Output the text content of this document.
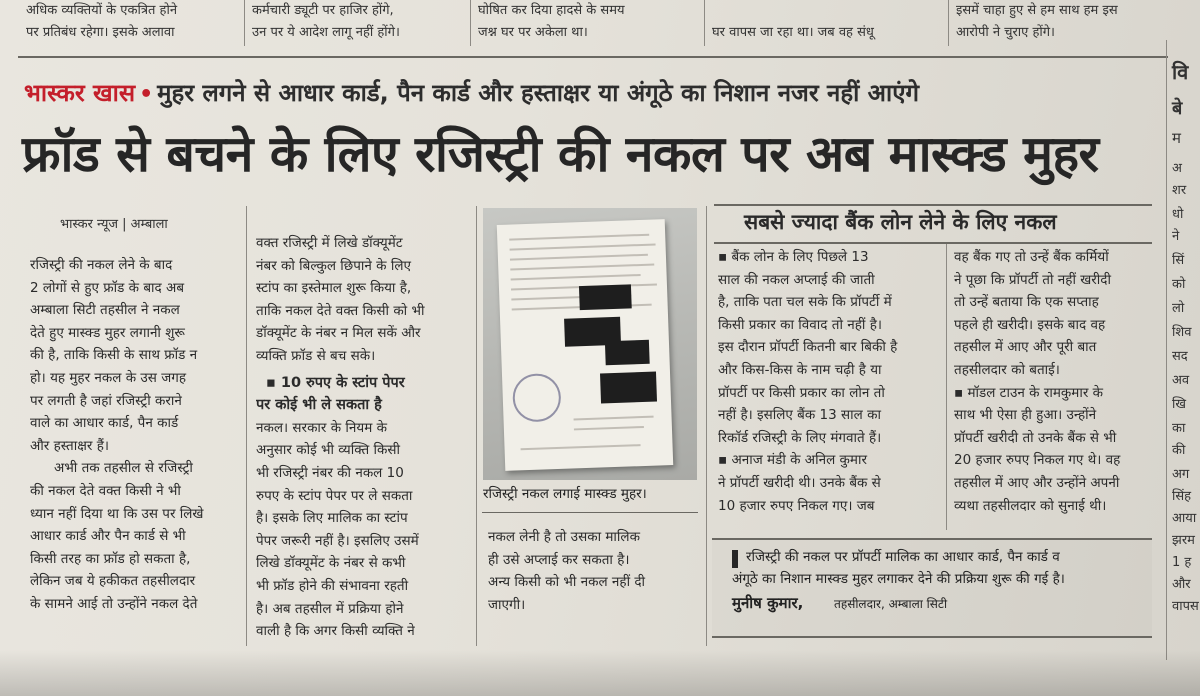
अधिक व्यक्तियों के एकत्रित होने
पर प्रतिबंध रहेगा। इसके अलावा
कर्मचारी ड्यूटी पर हाजिर होंगे,
उन पर ये आदेश लागू नहीं होंगे।
घोषित कर दिया हादसे के समय
जश्न घर पर अकेला था।	घर वापस जा रहा था। जब वह संधू
इसमें चाहा हुए से हम साथ हम इस
आरोपी ने चुराए होंगे।
भास्कर खास • मुहर लगने से आधार कार्ड, पैन कार्ड और हस्ताक्षर या अंगूठे का निशान नजर नहीं आएंगे
फ्रॉड से बचने के लिए रजिस्ट्री की नकल पर अब मास्क्ड मुहर
भास्कर न्यूज | अम्बाला
रजिस्ट्री की नकल लेने के बाद
2 लोगों से हुए फ्रॉड के बाद अब
अम्बाला सिटी तहसील ने नकल
देते हुए मास्क्ड मुहर लगानी शुरू
की है, ताकि किसी के साथ फ्रॉड न
हो। यह मुहर नकल के उस जगह
पर लगती है जहां रजिस्ट्री कराने
वाले का आधार कार्ड, पैन कार्ड
और हस्ताक्षर हैं।
अभी तक तहसील से रजिस्ट्री
की नकल देते वक्त किसी ने भी
ध्यान नहीं दिया था कि उस पर लिखे
आधार कार्ड और पैन कार्ड से भी
किसी तरह का फ्रॉड हो सकता है,
लेकिन जब ये हकीकत तहसीलदार
के सामने आई तो उन्होंने नकल देते
वक्त रजिस्ट्री में लिखे डॉक्यूमेंट
नंबर को बिल्कुल छिपाने के लिए
स्टांप का इस्तेमाल शुरू किया है,
ताकि नकल देते वक्त किसी को भी
डॉक्यूमेंट के नंबर न मिल सकें और
व्यक्ति फ्रॉड से बच सके।
▪ 10 रुपए के स्टांप पेपर
पर कोई भी ले सकता है
नकल। सरकार के नियम के
अनुसार कोई भी व्यक्ति किसी
भी रजिस्ट्री नंबर की नकल 10
रुपए के स्टांप पेपर पर ले सकता
है। इसके लिए मालिक का स्टांप
पेपर जरूरी नहीं है। इसलिए उसमें
लिखे डॉक्यूमेंट के नंबर से कभी
भी फ्रॉड होने की संभावना रहती
है। अब तहसील में प्रक्रिया होने
वाली है कि अगर किसी व्यक्ति ने
रजिस्ट्री नकल लगाई मास्क्ड मुहर।
नकल लेनी है तो उसका मालिक
ही उसे अप्लाई कर सकता है।
अन्य किसी को भी नकल नहीं दी
जाएगी।
सबसे ज्यादा बैंक लोन लेने के लिए नकल
▪ बैंक लोन के लिए पिछले 13
साल की नकल अप्लाई की जाती
है, ताकि पता चल सके कि प्रॉपर्टी में
किसी प्रकार का विवाद तो नहीं है।
इस दौरान प्रॉपर्टी कितनी बार बिकी है
और किस-किस के नाम चढ़ी है या
प्रॉपर्टी पर किसी प्रकार का लोन तो
नहीं है। इसलिए बैंक 13 साल का
रिकॉर्ड रजिस्ट्री के लिए मंगवाते हैं।
▪ अनाज मंडी के अनिल कुमार
ने प्रॉपर्टी खरीदी थी। उनके बैंक से
10 हजार रुपए निकल गए। जब
वह बैंक गए तो उन्हें बैंक कर्मियों
ने पूछा कि प्रॉपर्टी तो नहीं खरीदी
तो उन्हें बताया कि एक सप्ताह
पहले ही खरीदी। इसके बाद वह
तहसील में आए और पूरी बात
तहसीलदार को बताई।
▪ मॉडल टाउन के रामकुमार के
साथ भी ऐसा ही हुआ। उन्होंने
प्रॉपर्टी खरीदी तो उनके बैंक से भी
20 हजार रुपए निकल गए थे। वह
तहसील में आए और उन्होंने अपनी
व्यथा तहसीलदार को सुनाई थी।
रजिस्ट्री की नकल पर प्रॉपर्टी मालिक का आधार कार्ड, पैन कार्ड व
अंगूठे का निशान मास्क्ड मुहर लगाकर देने की प्रक्रिया शुरू की गई है।
मुनीष कुमार,	तहसीलदार, अम्बाला सिटी
वि
बे
म
अ
शर
धो
ने
सिं
को
लो
शिव
सद
अव
खि
का
की
अग
सिंह
आया
झरम
1 ह
और
वापस
